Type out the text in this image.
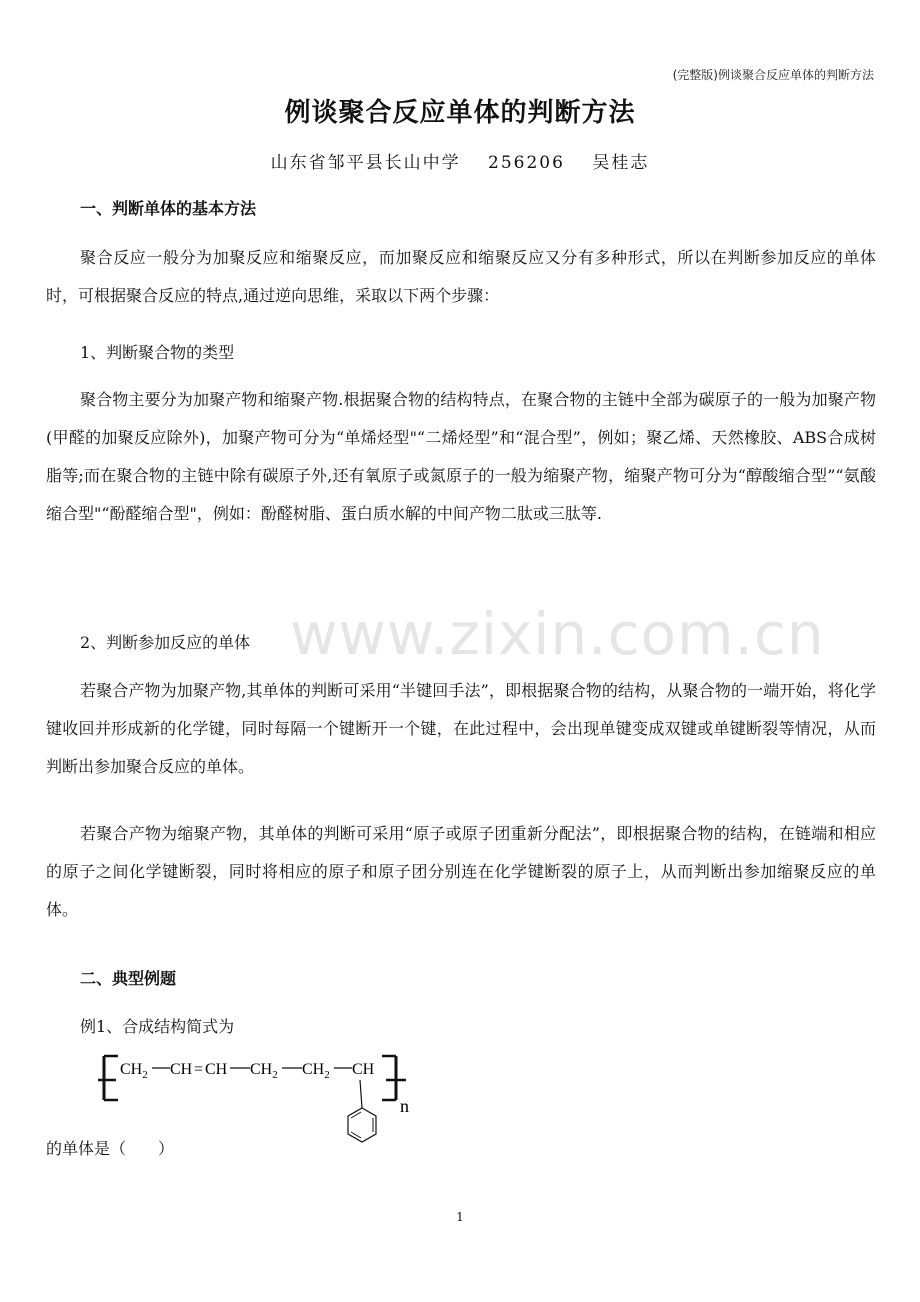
(完整版)例谈聚合反应单体的判断方法
例谈聚合反应单体的判断方法
山东省邹平县长山中学 256206 吴桂志
一、判断单体的基本方法

聚合反应一般分为加聚反应和缩聚反应，而加聚反应和缩聚反应又分有多种形式，所以在判断参加反应的单体时，可根据聚合反应的特点,通过逆向思维，采取以下两个步骤：

1、判断聚合物的类型

聚合物主要分为加聚产物和缩聚产物.根据聚合物的结构特点，在聚合物的主链中全部为碳原子的一般为加聚产物(甲醛的加聚反应除外)，加聚产物可分为“单烯烃型"“二烯烃型”和“混合型”，例如；聚乙烯、天然橡胶、ABS合成树脂等;而在聚合物的主链中除有碳原子外,还有氧原子或氮原子的一般为缩聚产物，缩聚产物可分为“醇酸缩合型”“氨酸缩合型"“酚醛缩合型"，例如：酚醛树脂、蛋白质水解的中间产物二肽或三肽等.

2、判断参加反应的单体

若聚合产物为加聚产物,其单体的判断可采用“半键回手法”，即根据聚合物的结构，从聚合物的一端开始，将化学键收回并形成新的化学键，同时每隔一个键断开一个键，在此过程中，会出现单键变成双键或单键断裂等情况，从而判断出参加聚合反应的单体。

若聚合产物为缩聚产物，其单体的判断可采用“原子或原子团重新分配法”，即根据聚合物的结构，在链端和相应的原子之间化学键断裂，同时将相应的原子和原子团分别连在化学键断裂的原子上，从而判断出参加缩聚反应的单体。

二、典型例题
例1、合成结构简式为
n
$CH_2$ CH = CH $CH_2$ $CH_2$ CH
的单体是（　　）
www.zixin.com.cn
1
